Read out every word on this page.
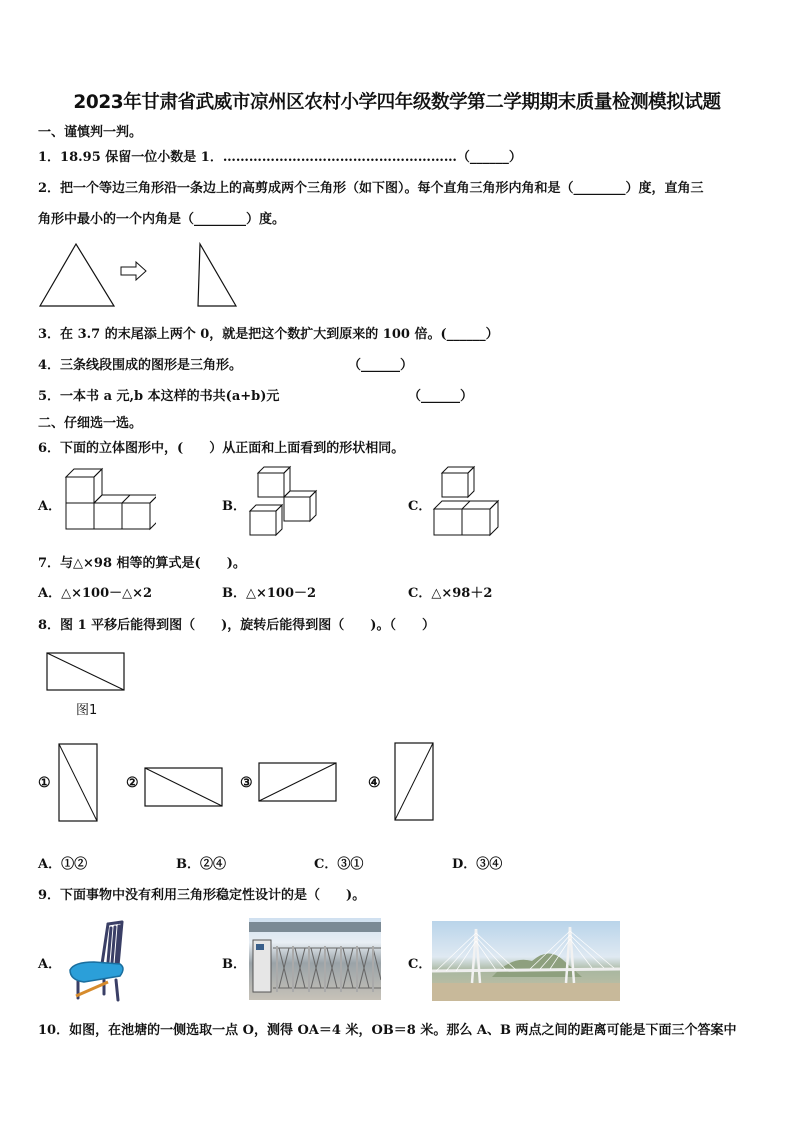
2023年甘肃省武威市凉州区农村小学四年级数学第二学期期末质量检测模拟试题
一、谨慎判一判。
1．18.95 保留一位小数是 1．………………………………………………（______）
2．把一个等边三角形沿一条边上的高剪成两个三角形（如下图）。每个直角三角形内角和是（________）度，直角三
角形中最小的一个内角是（________）度。
3．在 3.7 的末尾添上两个 0，就是把这个数扩大到原来的 100 倍。(______）
4．三条线段围成的图形是三角形。	（______）
5．一本书 a 元,b 本这样的书共(a+b)元	（______）
二、仔细选一选。
6．下面的立体图形中，(　　）从正面和上面看到的形状相同。
A．	B．	C．
7．与△×98 相等的算式是(　　)。
A．△×100－△×2	B．△×100－2	C．△×98＋2
8．图 1 平移后能得到图（　　)，旋转后能得到图（　　)。（　　）
图1
①	②	③	④
A．①②	B．②④	C．③①	D．③④
9．下面事物中没有利用三角形稳定性设计的是（　　)。
A．	B．	C．
10．如图，在池塘的一侧选取一点 O，测得 OA＝4 米，OB＝8 米。那么 A、B 两点之间的距离可能是下面三个答案中
